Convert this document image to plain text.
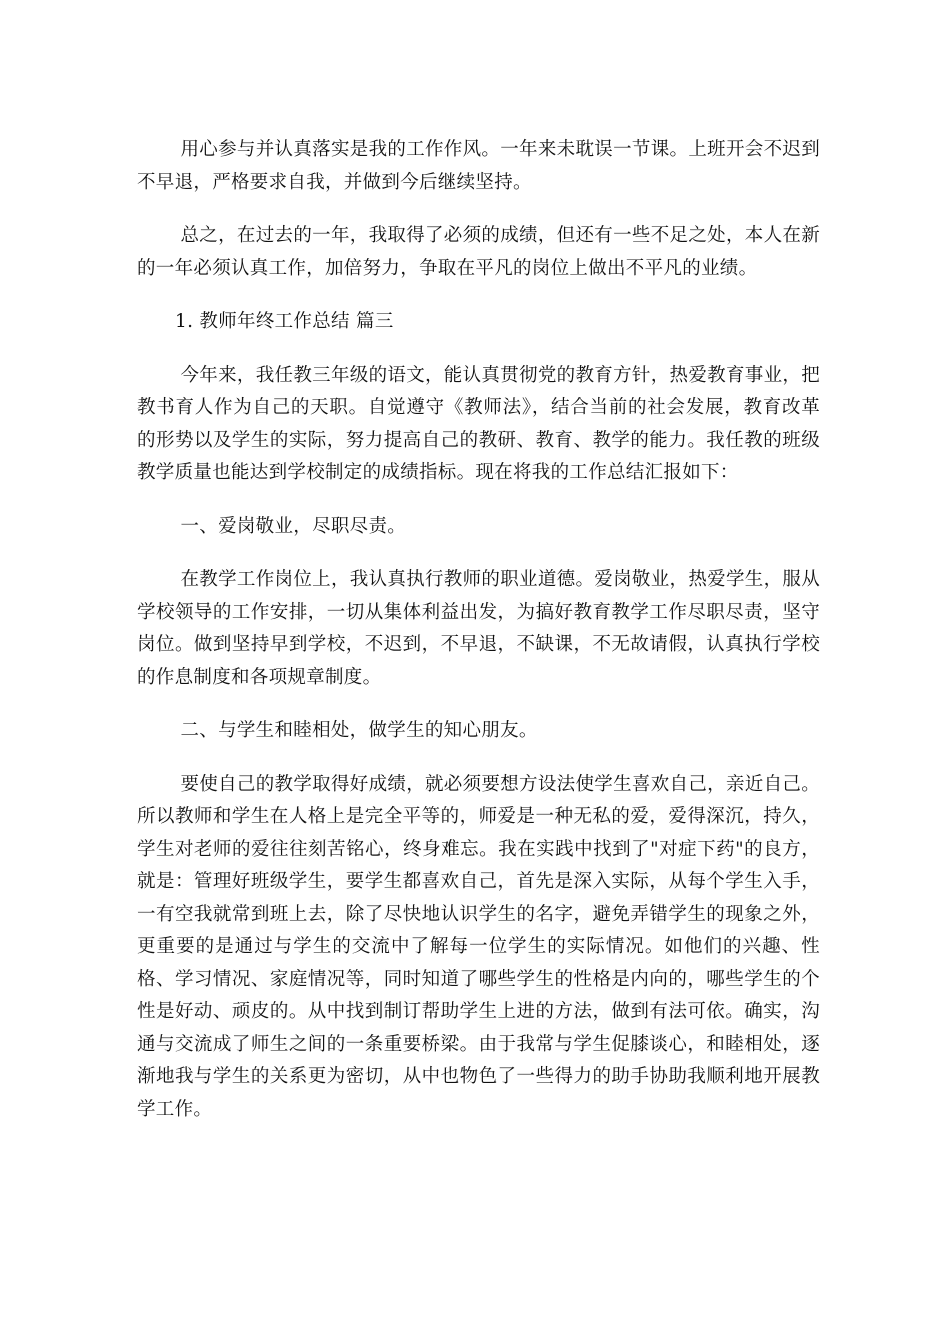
用心参与并认真落实是我的工作作风。一年来未耽误一节课。上班开会不迟到不早退，严格要求自我，并做到今后继续坚持。

总之，在过去的一年，我取得了必须的成绩，但还有一些不足之处，本人在新的一年必须认真工作，加倍努力，争取在平凡的岗位上做出不平凡的业绩。

1. 教师年终工作总结 篇三

今年来，我任教三年级的语文，能认真贯彻党的教育方针，热爱教育事业，把教书育人作为自己的天职。自觉遵守《教师法》，结合当前的社会发展，教育改革的形势以及学生的实际，努力提高自己的教研、教育、教学的能力。我任教的班级教学质量也能达到学校制定的成绩指标。现在将我的工作总结汇报如下：

一、爱岗敬业，尽职尽责。

在教学工作岗位上，我认真执行教师的职业道德。爱岗敬业，热爱学生，服从学校领导的工作安排，一切从集体利益出发，为搞好教育教学工作尽职尽责，坚守岗位。做到坚持早到学校，不迟到，不早退，不缺课，不无故请假，认真执行学校的作息制度和各项规章制度。

二、与学生和睦相处，做学生的知心朋友。

要使自己的教学取得好成绩，就必须要想方设法使学生喜欢自己，亲近自己。所以教师和学生在人格上是完全平等的，师爱是一种无私的爱，爱得深沉，持久，学生对老师的爱往往刻苦铭心，终身难忘。我在实践中找到了"对症下药"的良方，就是：管理好班级学生，要学生都喜欢自己，首先是深入实际，从每个学生入手，一有空我就常到班上去，除了尽快地认识学生的名字，避免弄错学生的现象之外，更重要的是通过与学生的交流中了解每一位学生的实际情况。如他们的兴趣、性格、学习情况、家庭情况等，同时知道了哪些学生的性格是内向的，哪些学生的个性是好动、顽皮的。从中找到制订帮助学生上进的方法，做到有法可依。确实，沟通与交流成了师生之间的一条重要桥梁。由于我常与学生促膝谈心，和睦相处，逐渐地我与学生的关系更为密切，从中也物色了一些得力的助手协助我顺利地开展教学工作。
